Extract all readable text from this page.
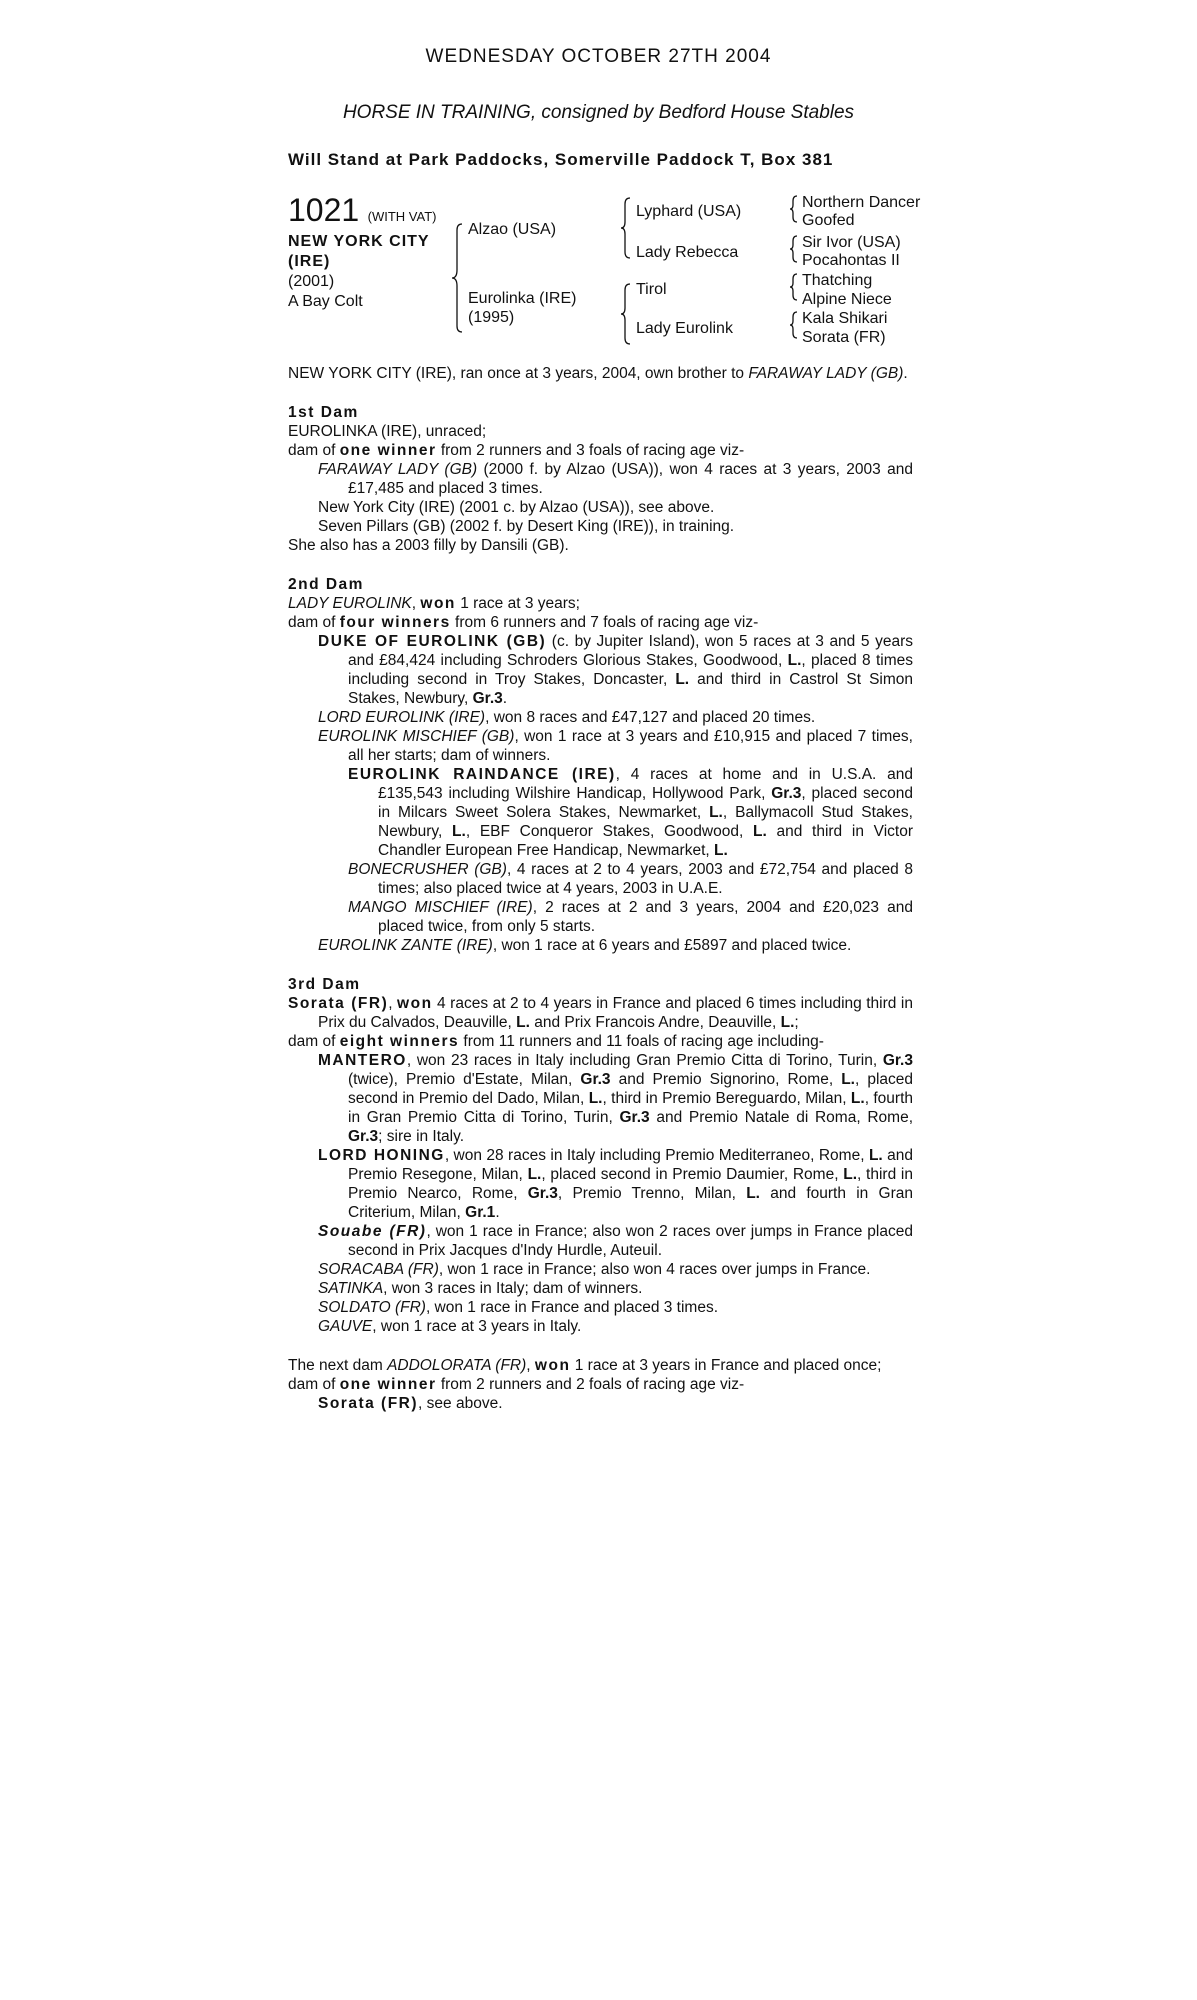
WEDNESDAY OCTOBER 27TH 2004
HORSE IN TRAINING, consigned by Bedford House Stables
Will Stand at Park Paddocks, Somerville Paddock T, Box 381
1021 (WITH VAT)
NEW YORK CITY
(IRE)
(2001)
A Bay Colt
Alzao (USA)
Eurolinka (IRE)
(1995)
Lyphard (USA)
Lady Rebecca
Tirol
Lady Eurolink
Northern Dancer
Goofed
Sir Ivor (USA)
Pocahontas II
Thatching
Alpine Niece
Kala Shikari
Sorata (FR)

NEW YORK CITY (IRE), ran once at 3 years, 2004, own brother to FARAWAY LADY (GB).

1st Dam

EUROLINKA (IRE), unraced;

dam of one winner from 2 runners and 3 foals of racing age viz-

FARAWAY LADY (GB) (2000 f. by Alzao (USA)), won 4 races at 3 years, 2003 and £17,485 and placed 3 times.

New York City (IRE) (2001 c. by Alzao (USA)), see above.

Seven Pillars (GB) (2002 f. by Desert King (IRE)), in training.

She also has a 2003 filly by Dansili (GB).

2nd Dam

LADY EUROLINK, won 1 race at 3 years;

dam of four winners from 6 runners and 7 foals of racing age viz-

DUKE OF EUROLINK (GB) (c. by Jupiter Island), won 5 races at 3 and 5 years and £84,424 including Schroders Glorious Stakes, Goodwood, L., placed 8 times including second in Troy Stakes, Doncaster, L. and third in Castrol St Simon Stakes, Newbury, Gr.3.

LORD EUROLINK (IRE), won 8 races and £47,127 and placed 20 times.

EUROLINK MISCHIEF (GB), won 1 race at 3 years and £10,915 and placed 7 times, all her starts; dam of winners.

EUROLINK RAINDANCE (IRE), 4 races at home and in U.S.A. and £135,543 including Wilshire Handicap, Hollywood Park, Gr.3, placed second in Milcars Sweet Solera Stakes, Newmarket, L., Ballymacoll Stud Stakes, Newbury, L., EBF Conqueror Stakes, Goodwood, L. and third in Victor Chandler European Free Handicap, Newmarket, L.

BONECRUSHER (GB), 4 races at 2 to 4 years, 2003 and £72,754 and placed 8 times; also placed twice at 4 years, 2003 in U.A.E.

MANGO MISCHIEF (IRE), 2 races at 2 and 3 years, 2004 and £20,023 and placed twice, from only 5 starts.

EUROLINK ZANTE (IRE), won 1 race at 6 years and £5897 and placed twice.

3rd Dam

Sorata (FR), won 4 races at 2 to 4 years in France and placed 6 times including third in Prix du Calvados, Deauville, L. and Prix Francois Andre, Deauville, L.;

dam of eight winners from 11 runners and 11 foals of racing age including-

MANTERO, won 23 races in Italy including Gran Premio Citta di Torino, Turin, Gr.3 (twice), Premio d'Estate, Milan, Gr.3 and Premio Signorino, Rome, L., placed second in Premio del Dado, Milan, L., third in Premio Bereguardo, Milan, L., fourth in Gran Premio Citta di Torino, Turin, Gr.3 and Premio Natale di Roma, Rome, Gr.3; sire in Italy.

LORD HONING, won 28 races in Italy including Premio Mediterraneo, Rome, L. and Premio Resegone, Milan, L., placed second in Premio Daumier, Rome, L., third in Premio Nearco, Rome, Gr.3, Premio Trenno, Milan, L. and fourth in Gran Criterium, Milan, Gr.1.

Souabe (FR), won 1 race in France; also won 2 races over jumps in France placed second in Prix Jacques d'Indy Hurdle, Auteuil.

SORACABA (FR), won 1 race in France; also won 4 races over jumps in France.

SATINKA, won 3 races in Italy; dam of winners.

SOLDATO (FR), won 1 race in France and placed 3 times.

GAUVE, won 1 race at 3 years in Italy.

The next dam ADDOLORATA (FR), won 1 race at 3 years in France and placed once;

dam of one winner from 2 runners and 2 foals of racing age viz-

Sorata (FR), see above.
